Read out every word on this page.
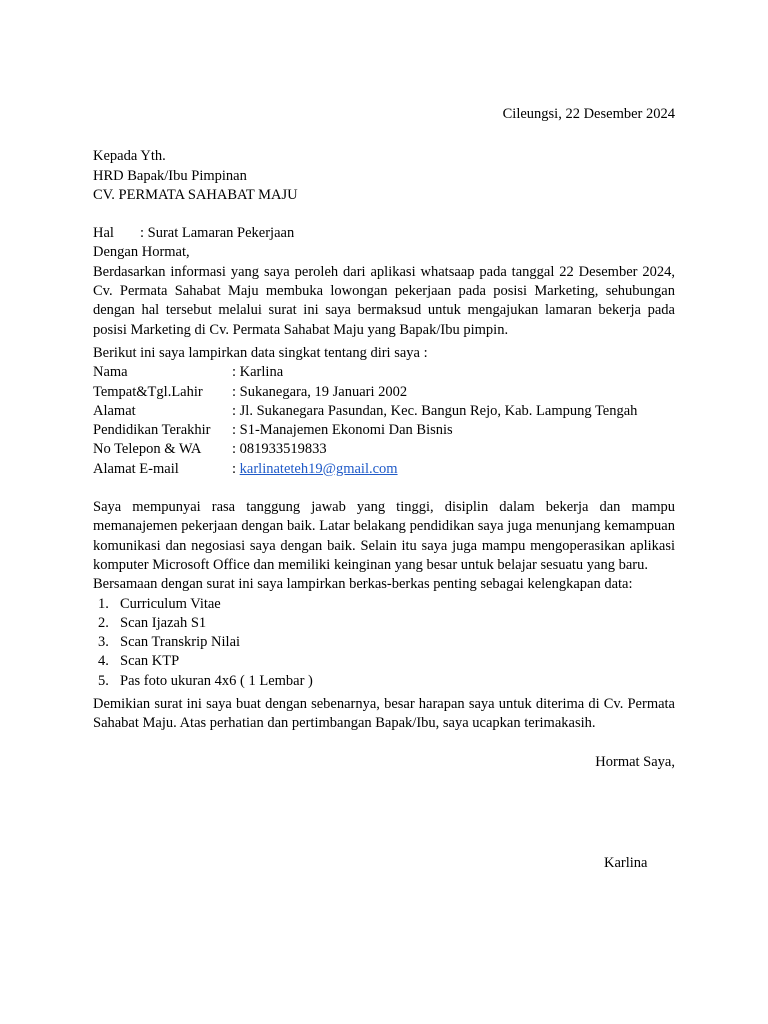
Cileungsi, 22 Desember 2024

Kepada Yth.

HRD Bapak/Ibu Pimpinan

CV. PERMATA SAHABAT MAJU

Hal	: Surat Lamaran Pekerjaan

Dengan Hormat,

Berdasarkan informasi yang saya peroleh dari aplikasi whatsaap pada tanggal 22 Desember 2024, Cv. Permata Sahabat Maju membuka lowongan pekerjaan pada posisi Marketing, sehubungan dengan hal tersebut melalui surat ini saya bermaksud untuk mengajukan lamaran bekerja pada posisi Marketing di Cv. Permata Sahabat Maju yang Bapak/Ibu pimpin.

Berikut ini saya lampirkan data singkat tentang diri saya :

Nama	: Karlina
Tempat&Tgl.Lahir	: Sukanegara, 19 Januari 2002
Alamat	: Jl. Sukanegara Pasundan, Kec. Bangun Rejo, Kab. Lampung Tengah
Pendidikan Terakhir	: S1-Manajemen Ekonomi Dan Bisnis
No Telepon & WA	: 081933519833
Alamat E-mail	: karlinateteh19@gmail.com

Saya mempunyai rasa tanggung jawab yang tinggi, disiplin dalam bekerja dan mampu memanajemen pekerjaan dengan baik. Latar belakang pendidikan saya juga menunjang kemampuan komunikasi dan negosiasi saya dengan baik. Selain itu saya juga mampu mengoperasikan aplikasi komputer Microsoft Office dan memiliki keinginan yang besar untuk belajar sesuatu yang baru.

Bersamaan dengan surat ini saya lampirkan berkas-berkas penting sebagai kelengkapan data:

1. Curriculum Vitae
2. Scan Ijazah S1
3. Scan Transkrip Nilai
4. Scan KTP
5. Pas foto ukuran 4x6 ( 1 Lembar )

Demikian surat ini saya buat dengan sebenarnya, besar harapan saya untuk diterima di Cv. Permata Sahabat Maju. Atas perhatian dan pertimbangan Bapak/Ibu, saya ucapkan terimakasih.

Hormat Saya,

Karlina
